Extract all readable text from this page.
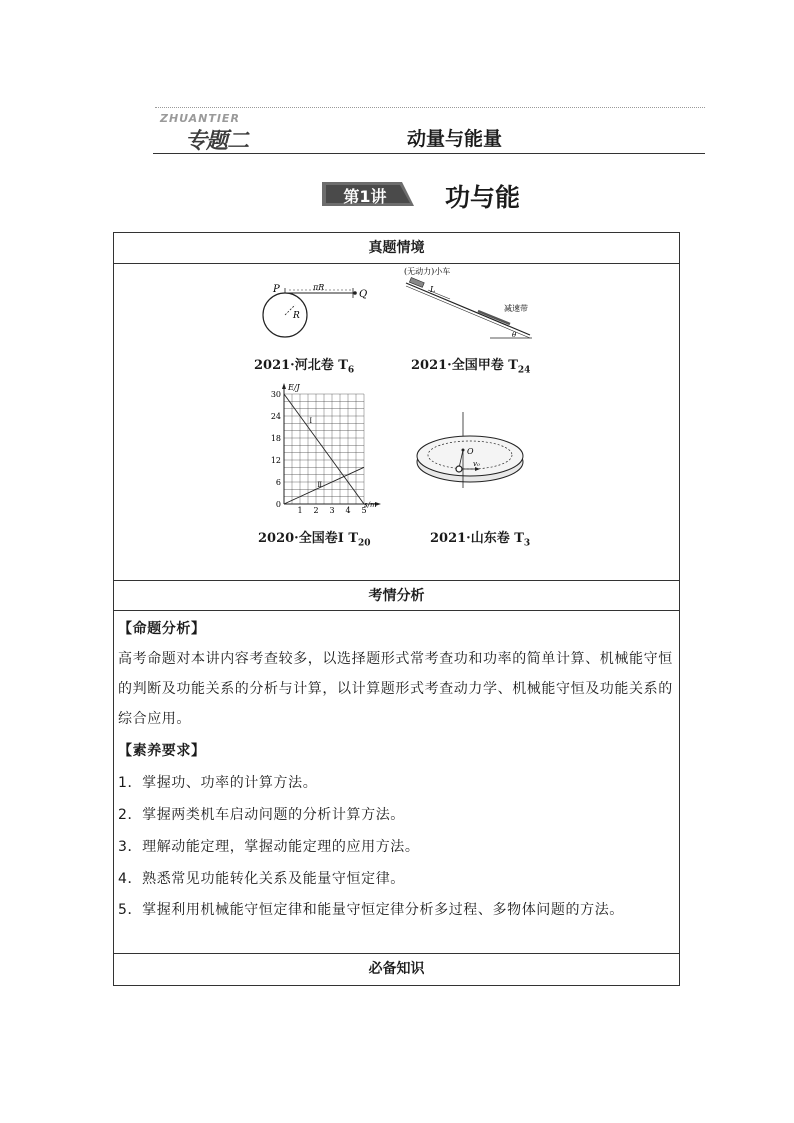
ZHUANTIER
专题二	动量与能量
第1讲	功与能
真题情境
P	Q
πR
R
2021·河北卷 $T_6$
(无动力)小车
L
减速带
θ
2021·全国甲卷 $T_{24}$
E/J
s/m
30
24
18
12
6
0
1 2 3 4 5
Ⅰ
Ⅱ
2020·全国卷Ⅰ $T_{20}$
O
v₀
2021·山东卷 $T_3$
考情分析
【命题分析】
高考命题对本讲内容考查较多，以选择题形式常考查功和功率的简单计算、机械能守恒的判断及功能关系的分析与计算，以计算题形式考查动力学、机械能守恒及功能关系的综合应用。
【素养要求】
1．掌握功、功率的计算方法。
2．掌握两类机车启动问题的分析计算方法。
3．理解动能定理，掌握动能定理的应用方法。
4．熟悉常见功能转化关系及能量守恒定律。
5．掌握利用机械能守恒定律和能量守恒定律分析多过程、多物体问题的方法。
必备知识
